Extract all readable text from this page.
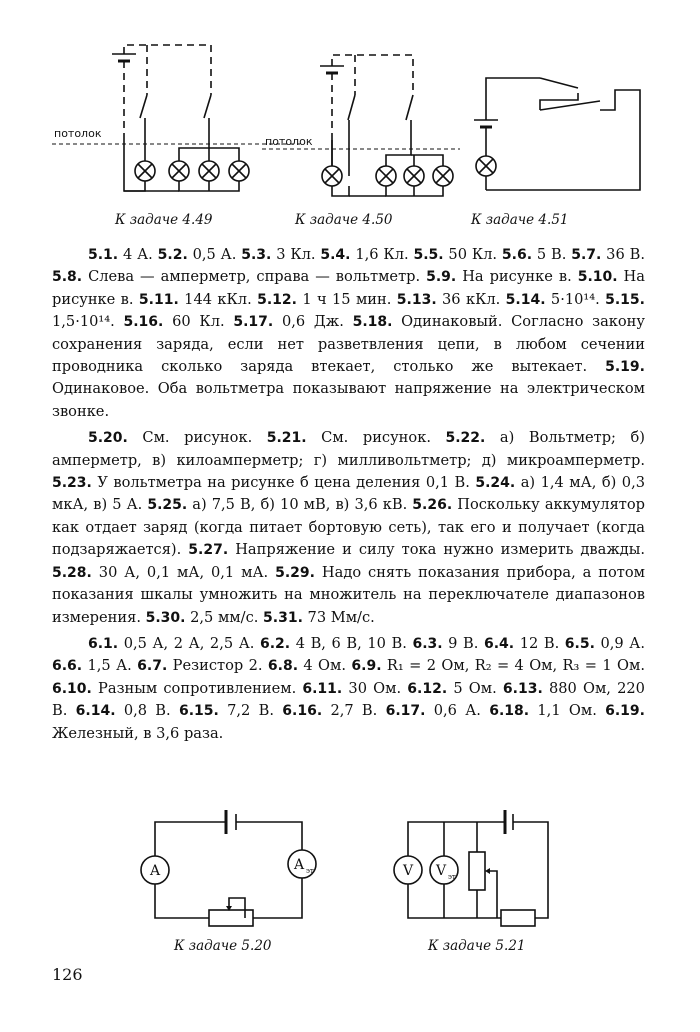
потолок
потолок
A	A эт	V V эт
К задаче 4.49	К задаче 4.50	К задаче 4.51
К задаче 5.20	К задаче 5.21

5.1. 4 А. 5.2. 0,5 А. 5.3. 3 Кл. 5.4. 1,6 Кл. 5.5. 50 Кл. 5.6. 5 В. 5.7. 36 В. 5.8. Слева — амперметр, справа — вольтметр. 5.9. На рисунке в. 5.10. На рисунке в. 5.11. 144 кКл. 5.12. 1 ч 15 мин. 5.13. 36 кКл. 5.14. 5·10¹⁴. 5.15. 1,5·10¹⁴. 5.16. 60 Кл. 5.17. 0,6 Дж. 5.18. Одинаковый. Согласно закону сохранения заряда, если нет разветвления цепи, в любом сечении проводника сколько заряда втекает, столько же вытекает. 5.19. Одинаковое. Оба вольтметра показывают напряжение на электрическом звонке.

5.20. См. рисунок. 5.21. См. рисунок. 5.22. а) Вольтметр; б) амперметр, в) килоамперметр; г) милливольтметр; д) микроамперметр. 5.23. У вольтметра на рисунке б цена деления 0,1 В. 5.24. а) 1,4 мА, б) 0,3 мкА, в) 5 А. 5.25. а) 7,5 В, б) 10 мВ, в) 3,6 кВ. 5.26. Поскольку аккумулятор как отдает заряд (когда питает бортовую сеть), так его и получает (когда подзаряжается). 5.27. Напряжение и силу тока нужно измерить дважды. 5.28. 30 А, 0,1 мА, 0,1 мА. 5.29. Надо снять показания прибора, а потом показания шкалы умножить на множитель на переключателе диапазонов измерения. 5.30. 2,5 мм/с. 5.31. 73 Мм/с.

6.1. 0,5 А, 2 А, 2,5 А. 6.2. 4 В, 6 В, 10 В. 6.3. 9 В. 6.4. 12 В. 6.5. 0,9 А. 6.6. 1,5 А. 6.7. Резистор 2. 6.8. 4 Ом. 6.9. R₁ = 2 Ом, R₂ = 4 Ом, R₃ = 1 Ом. 6.10. Разным сопротивлением. 6.11. 30 Ом. 6.12. 5 Ом. 6.13. 880 Ом, 220 В. 6.14. 0,8 В. 6.15. 7,2 В. 6.16. 2,7 В. 6.17. 0,6 А. 6.18. 1,1 Ом. 6.19. Железный, в 3,6 раза.

126
